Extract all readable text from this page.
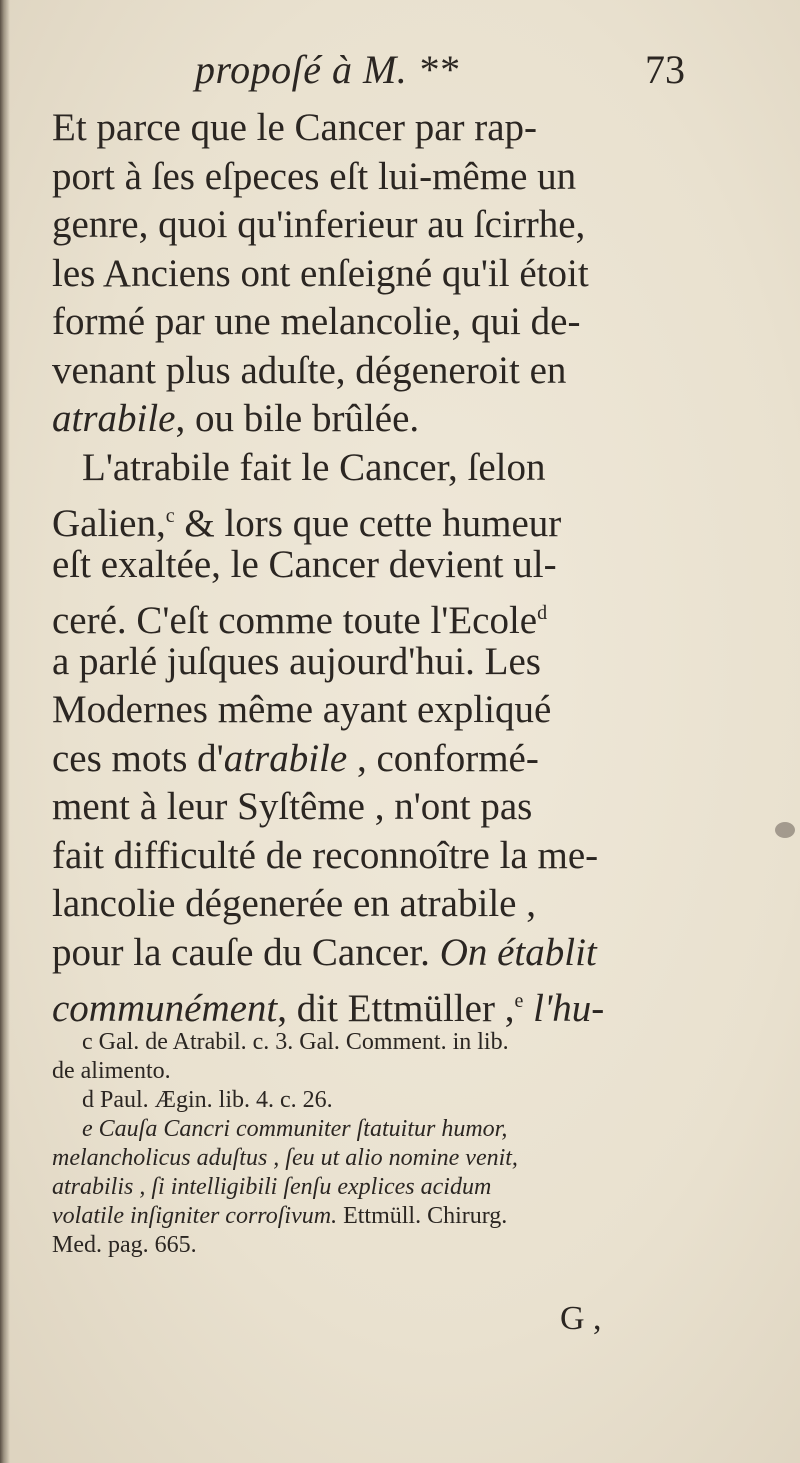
propoſé à M. **	73
Et parce que le Cancer par rap-
port à ſes eſpeces eſt lui-même un
genre, quoi qu'inferieur au ſcirrhe,
les Anciens ont enſeigné qu'il étoit
formé par une melancolie, qui de-
venant plus aduſte, dégeneroit en
atrabile, ou bile brûlée.
L'atrabile fait le Cancer, ſelon
Galien,$^c$ & lors que cette humeur
eſt exaltée, le Cancer devient ul-
ceré. C'eſt comme toute l'Ecole$^d$
a parlé juſques aujourd'hui. Les
Modernes même ayant expliqué
ces mots d'atrabile , conformé-
ment à leur Syſtême , n'ont pas
fait difficulté de reconnoître la me-
lancolie dégenerée en atrabile ,
pour la cauſe du Cancer. On établit
communément, dit Ettmüller ,$^e$ l'hu-
c Gal. de Atrabil. c. 3. Gal. Comment. in lib.
de alimento.
d Paul. Ægin. lib. 4. c. 26.
e Cauſa Cancri communiter ſtatuitur humor,
melancholicus aduſtus , ſeu ut alio nomine venit,
atrabilis , ſi intelligibili ſenſu explices acidum
volatile inſigniter corroſivum. Ettmüll. Chirurg.
Med. pag. 665.
G ,
